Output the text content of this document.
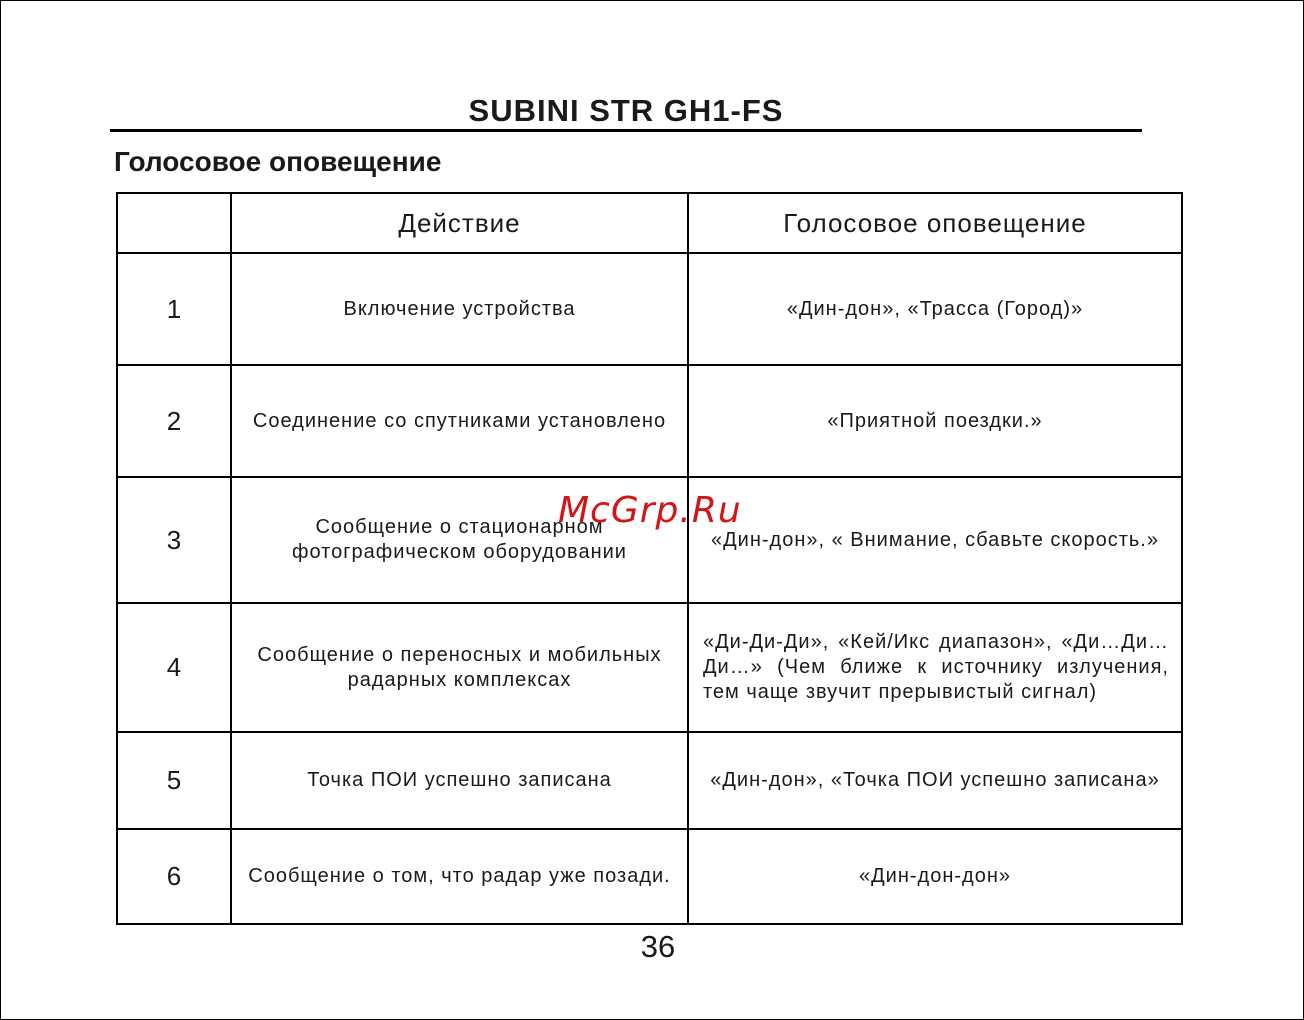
SUBINI STR GH1-FS
Голосовое оповещение
	Действие	Голосовое оповещение
1	Включение устройства	«Дин-дон», «Трасса (Город)»
2	Соединение со спутниками установлено	«Приятной поездки.»
3	Сообщение о стационарном фотографическом оборудовании	«Дин-дон», « Внимание, сбавьте скорость.»
4	Сообщение о переносных и мобильных радарных комплексах	«Ди-Ди-Ди», «Кей/Икс диапазон», «Ди…Ди…Ди…» (Чем ближе к источнику излучения, тем чаще звучит прерывистый сигнал)
5	Точка ПОИ успешно записана	«Дин-дон», «Точка ПОИ успешно записана»
6	Сообщение о том, что радар уже позади.	«Дин-дон-дон»
McGrp.Ru
36
